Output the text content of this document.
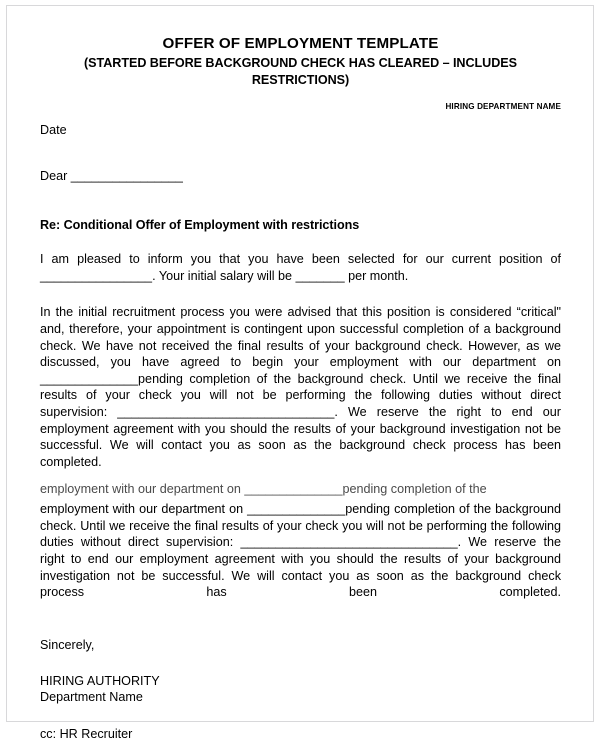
OFFER OF EMPLOYMENT TEMPLATE
(STARTED BEFORE BACKGROUND CHECK HAS CLEARED – INCLUDES RESTRICTIONS)

HIRING DEPARTMENT NAME

Date

Dear ________________

Re: Conditional Offer of Employment with restrictions

I am pleased to inform you that you have been selected for our current position of ________________. Your initial salary will be _______ per month.

In the initial recruitment process you were advised that this position is considered “critical" and, therefore, your appointment is contingent upon successful completion of a background check. We have not received the final results of your background check. However, as we discussed, you have agreed to begin your employment with our department on ______________pending completion of the background check. Until we receive the final results of your check you will not be performing the following duties without direct supervision: _______________________________. We reserve the right to end our employment agreement with you should the results of your background investigation not be successful. We will contact you as soon as the background check process has been completed.

employment with our department on ______________pending completion of the

employment with our department on ______________pending completion of the background check. Until we receive the final results of your check you will not be performing the following duties without direct supervision: _______________________________. We reserve the right to end our employment agreement with you should the results of your background investigation not be successful. We will contact you as soon as the background check process has been completed.

Sincerely,

HIRING AUTHORITY
Department Name

cc: HR Recruiter
